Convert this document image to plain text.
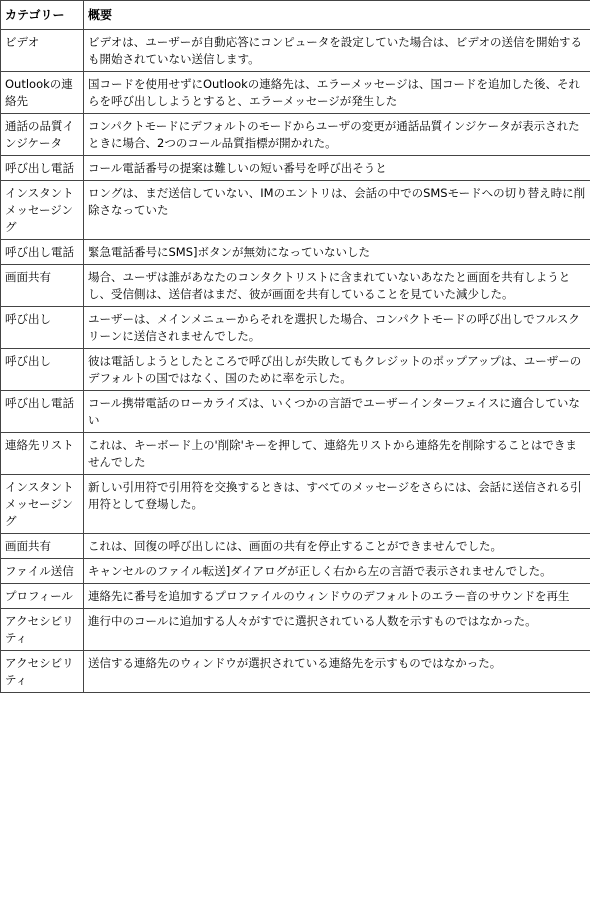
カテゴリー	概要
ビデオ	ビデオは、ユーザーが自動応答にコンピュータを設定していた場合は、ビデオの送信を開始するも開始されていない送信します。
Outlookの連絡先	国コードを使用せずにOutlookの連絡先は、エラーメッセージは、国コードを追加した後、それらを呼び出ししようとすると、エラーメッセージが発生した
通話の品質インジケータ	コンパクトモードにデフォルトのモードからユーザの変更が通話品質インジケータが表示されたときに場合、2つのコール品質指標が開かれた。
呼び出し電話	コール電話番号の提案は難しいの短い番号を呼び出そうと
インスタントメッセージング	ロングは、まだ送信していない、IMのエントリは、会話の中でのSMSモードへの切り替え時に削除さなっていた
呼び出し電話	緊急電話番号にSMS]ボタンが無効になっていないした
画面共有	場合、ユーザは誰があなたのコンタクトリストに含まれていないあなたと画面を共有しようとし、受信側は、送信者はまだ、彼が画面を共有していることを見ていた減少した。
呼び出し	ユーザーは、メインメニューからそれを選択した場合、コンパクトモードの呼び出しでフルスクリーンに送信されませんでした。
呼び出し	彼は電話しようとしたところで呼び出しが失敗してもクレジットのポップアップは、ユーザーのデフォルトの国ではなく、国のために率を示した。
呼び出し電話	コール携帯電話のローカライズは、いくつかの言語でユーザーインターフェイスに適合していない
連絡先リスト	これは、キーボード上の'削除'キーを押して、連絡先リストから連絡先を削除することはできませんでした
インスタントメッセージング	新しい引用符で引用符を交換するときは、すべてのメッセージをさらには、会話に送信される引用符として登場した。
画面共有	これは、回復の呼び出しには、画面の共有を停止することができませんでした。
ファイル送信	キャンセルのファイル転送]ダイアログが正しく右から左の言語で表示されませんでした。
プロフィール	連絡先に番号を追加するプロファイルのウィンドウのデフォルトのエラー音のサウンドを再生
アクセシビリティ	進行中のコールに追加する人々がすでに選択されている人数を示すものではなかった。
アクセシビリティ	送信する連絡先のウィンドウが選択されている連絡先を示すものではなかった。
